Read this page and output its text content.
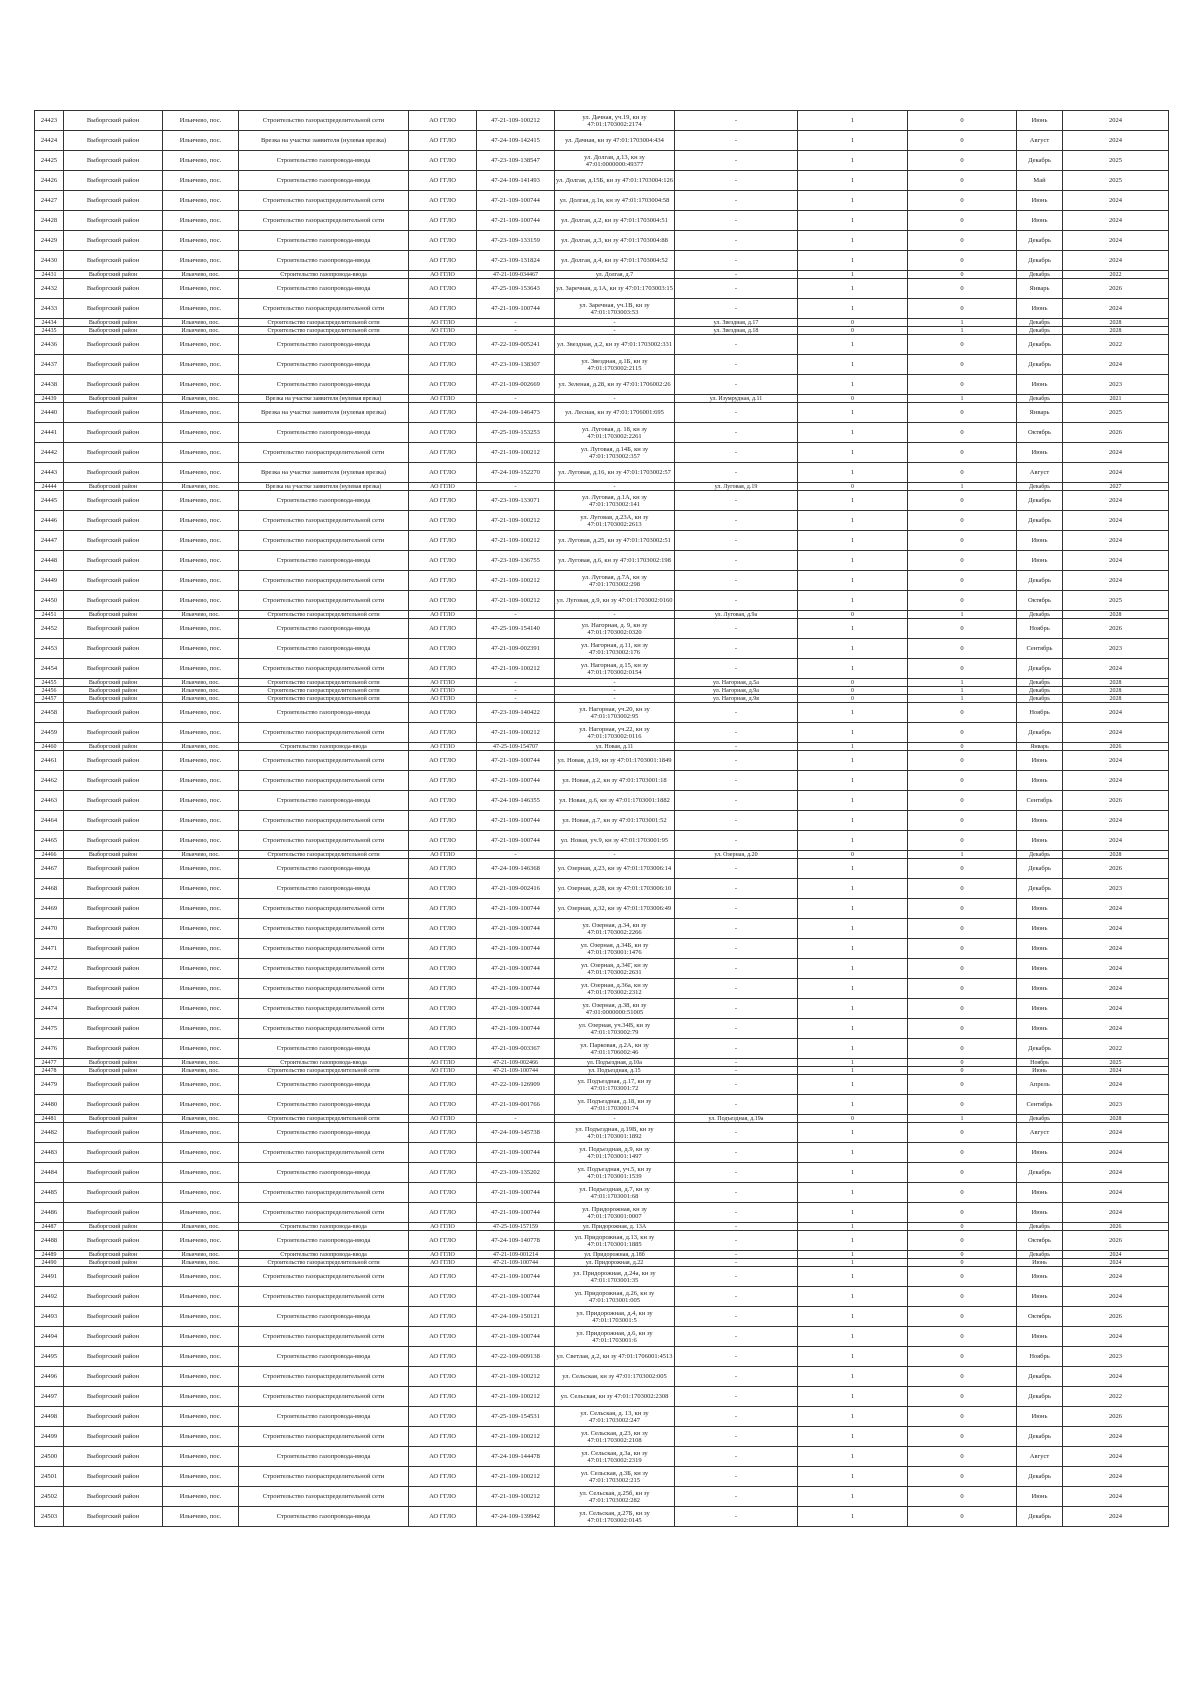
24423	Выборгский район	Ильичево, пос.	Строительство газораспределительной сети	АО ГГЛО	47-21-109-100212	ул. Дачная, уч.19, кн зу 47:01:1703002:2174	-	1	0	Июнь	2024
24424	Выборгский район	Ильичево, пос.	Врезка на участке заявителя (нулевая врезка)	АО ГГЛО	47-24-109-142415	ул. Дачная, кн зу 47:01:1703004:434	-	1	0	Август	2024
24425	Выборгский район	Ильичево, пос.	Строительство газопровода-ввода	АО ГГЛО	47-23-109-138547	ул. Долгая, д.13, кн зу 47:01:0000000:49377	-	1	0	Декабрь	2025
24426	Выборгский район	Ильичево, пос.	Строительство газопровода-ввода	АО ГГЛО	47-24-109-141493	ул. Долгая, д.15Б, кн зу 47:01:1703004:126	-	1	0	Май	2025
24427	Выборгский район	Ильичево, пос.	Строительство газораспределительной сети	АО ГГЛО	47-21-109-100744	ул. Долгая, д.1в, кн зу 47:01:1703004:58	-	1	0	Июнь	2024
24428	Выборгский район	Ильичево, пос.	Строительство газораспределительной сети	АО ГГЛО	47-21-109-100744	ул. Долгая, д.2, кн зу 47:01:1703004:51	-	1	0	Июнь	2024
24429	Выборгский район	Ильичево, пос.	Строительство газопровода-ввода	АО ГГЛО	47-23-109-133159	ул. Долгая, д.3, кн зу 47:01:1703004:88	-	1	0	Декабрь	2024
24430	Выборгский район	Ильичево, пос.	Строительство газопровода-ввода	АО ГГЛО	47-23-109-131824	ул. Долгая, д.4, кн зу 47:01:1703004:52	-	1	0	Декабрь	2024
24431	Выборгский район	Ильичево, пос.	Строительство газопровода-ввода	АО ГГЛО	47-21-109-034467	ул. Долгая, д.7	-	1	0	Декабрь	2022
24432	Выборгский район	Ильичево, пос.	Строительство газопровода-ввода	АО ГГЛО	47-25-109-153643	ул. Заречная, д.1А, кн зу 47:01:1703003:15	-	1	0	Январь	2026
24433	Выборгский район	Ильичево, пос.	Строительство газораспределительной сети	АО ГГЛО	47-21-109-100744	ул. Заречная, уч.1В, кн зу 47:01:1703003:53	-	1	0	Июнь	2024
24434	Выборгский район	Ильичево, пос.	Строительство газораспределительной сети	АО ГГЛО	-	-	ул. Звездная, д.17	0	1	Декабрь	2028
24435	Выборгский район	Ильичево, пос.	Строительство газораспределительной сети	АО ГГЛО	-	-	ул. Звездная, д.18	0	1	Декабрь	2028
24436	Выборгский район	Ильичево, пос.	Строительство газопровода-ввода	АО ГГЛО	47-22-109-005241	ул. Звездная, д.2, кн зу 47:01:1703002:331	-	1	0	Декабрь	2022
24437	Выборгский район	Ильичево, пос.	Строительство газопровода-ввода	АО ГГЛО	47-23-109-138307	ул. Звездная, д.1Б, кн зу 47:01:1703002:2115	-	1	0	Декабрь	2024
24438	Выборгский район	Ильичево, пос.	Строительство газопровода-ввода	АО ГГЛО	47-21-109-002669	ул. Зеленая, д.28, кн зу 47:01:1706002:26	-	1	0	Июнь	2023
24439	Выборгский район	Ильичево, пос.	Врезка на участке заявителя (нулевая врезка)	АО ГГЛО	-	-	ул. Изумрудная, д.11	0	1	Декабрь	2021
24440	Выборгский район	Ильичево, пос.	Врезка на участке заявителя (нулевая врезка)	АО ГГЛО	47-24-109-146473	ул. Лесная, кн зу 47:01:1706001:695	-	1	0	Январь	2025
24441	Выборгский район	Ильичево, пос.	Строительство газопровода-ввода	АО ГГЛО	47-25-109-153253	ул. Луговая, д. 18, кн зу 47:01:1703002:2261	-	1	0	Октябрь	2026
24442	Выборгский район	Ильичево, пос.	Строительство газораспределительной сети	АО ГГЛО	47-21-109-100212	ул. Луговая, д.14Б, кн зу 47:01:1703002:357	-	1	0	Июнь	2024
24443	Выборгский район	Ильичево, пос.	Врезка на участке заявителя (нулевая врезка)	АО ГГЛО	47-24-109-152270	ул. Луговая, д.16, кн зу 47:01:1703002:57	-	1	0	Август	2024
24444	Выборгский район	Ильичево, пос.	Врезка на участке заявителя (нулевая врезка)	АО ГГЛО	-	-	ул. Луговая, д.19	0	1	Декабрь	2027
24445	Выборгский район	Ильичево, пос.	Строительство газопровода-ввода	АО ГГЛО	47-23-109-133071	ул. Луговая, д.1А, кн зу 47:01:1703002:141	-	1	0	Декабрь	2024
24446	Выборгский район	Ильичево, пос.	Строительство газораспределительной сети	АО ГГЛО	47-21-109-100212	ул. Луговая, д.23А, кн зу 47:01:1703002:2613	-	1	0	Декабрь	2024
24447	Выборгский район	Ильичево, пос.	Строительство газораспределительной сети	АО ГГЛО	47-21-109-100212	ул. Луговая, д.25, кн зу 47:01:1703002:51	-	1	0	Июнь	2024
24448	Выборгский район	Ильичево, пос.	Строительство газопровода-ввода	АО ГГЛО	47-23-109-136755	ул. Луговая, д.6, кн зу 47:01:1703002:198	-	1	0	Июнь	2024
24449	Выборгский район	Ильичево, пос.	Строительство газораспределительной сети	АО ГГЛО	47-21-109-100212	ул. Луговая, д.7А, кн зу 47:01:1703002:298	-	1	0	Декабрь	2024
24450	Выборгский район	Ильичево, пос.	Строительство газораспределительной сети	АО ГГЛО	47-21-109-100212	ул. Луговая, д.9, кн зу 47:01:1703002:0160	-	1	0	Октябрь	2025
24451	Выборгский район	Ильичево, пос.	Строительство газораспределительной сети	АО ГГЛО	-	-	ул. Луговая, д.9а	0	1	Декабрь	2028
24452	Выборгский район	Ильичево, пос.	Строительство газопровода-ввода	АО ГГЛО	47-25-109-154140	ул. Нагорная, д. 9, кн зу 47:01:1703002:0320	-	1	0	Ноябрь	2026
24453	Выборгский район	Ильичево, пос.	Строительство газопровода-ввода	АО ГГЛО	47-21-109-002391	ул. Нагорная, д.11, кн зу 47:01:1703002:176	-	1	0	Сентябрь	2023
24454	Выборгский район	Ильичево, пос.	Строительство газораспределительной сети	АО ГГЛО	47-21-109-100212	ул. Нагорная, д.15, кн зу 47:01:1703002:0154	-	1	0	Декабрь	2024
24455	Выборгский район	Ильичево, пос.	Строительство газораспределительной сети	АО ГГЛО	-	-	ул. Нагорная, д.5а	0	1	Декабрь	2028
24456	Выборгский район	Ильичево, пос.	Строительство газораспределительной сети	АО ГГЛО	-	-	ул. Нагорная, д.9а	0	1	Декабрь	2028
24457	Выборгский район	Ильичево, пос.	Строительство газораспределительной сети	АО ГГЛО	-	-	ул. Нагорная, д.9в	0	1	Декабрь	2028
24458	Выборгский район	Ильичево, пос.	Строительство газопровода-ввода	АО ГГЛО	47-23-109-140422	ул. Нагорная, уч.20, кн зу 47:01:1703002:95	-	1	0	Ноябрь	2024
24459	Выборгский район	Ильичево, пос.	Строительство газораспределительной сети	АО ГГЛО	47-21-109-100212	ул. Нагорная, уч.22, кн зу 47:01:1703002:0116	-	1	0	Декабрь	2024
24460	Выборгский район	Ильичево, пос.	Строительство газопровода-ввода	АО ГГЛО	47-25-109-154707	ул. Новая, д.11	-	1	0	Январь	2026
24461	Выборгский район	Ильичево, пос.	Строительство газораспределительной сети	АО ГГЛО	47-21-109-100744	ул. Новая, д.19, кн зу 47:01:1703001:1849	-	1	0	Июнь	2024
24462	Выборгский район	Ильичево, пос.	Строительство газораспределительной сети	АО ГГЛО	47-21-109-100744	ул. Новая, д.2, кн зу 47:01:1703001:18	-	1	0	Июнь	2024
24463	Выборгский район	Ильичево, пос.	Строительство газопровода-ввода	АО ГГЛО	47-24-109-146355	ул. Новая, д.6, кн зу 47:01:1703001:1882	-	1	0	Сентябрь	2026
24464	Выборгский район	Ильичево, пос.	Строительство газораспределительной сети	АО ГГЛО	47-21-109-100744	ул. Новая, д.7, кн зу 47:01:1703001:52	-	1	0	Июнь	2024
24465	Выборгский район	Ильичево, пос.	Строительство газораспределительной сети	АО ГГЛО	47-21-109-100744	ул. Новая, уч.9, кн зу 47:01:1703001:95	-	1	0	Июнь	2024
24466	Выборгский район	Ильичево, пос.	Строительство газораспределительной сети	АО ГГЛО	-	-	ул. Озерная, д.20	0	1	Декабрь	2028
24467	Выборгский район	Ильичево, пос.	Строительство газопровода-ввода	АО ГГЛО	47-24-109-146368	ул. Озерная, д.23, кн зу 47:01:1703006:14	-	1	0	Декабрь	2026
24468	Выборгский район	Ильичево, пос.	Строительство газопровода-ввода	АО ГГЛО	47-21-109-002416	ул. Озерная, д.28, кн зу 47:01:1703006:10	-	1	0	Декабрь	2023
24469	Выборгский район	Ильичево, пос.	Строительство газораспределительной сети	АО ГГЛО	47-21-109-100744	ул. Озерная, д.32, кн зу 47:01:1703006:49	-	1	0	Июнь	2024
24470	Выборгский район	Ильичево, пос.	Строительство газораспределительной сети	АО ГГЛО	47-21-109-100744	ул. Озерная, д.34, кн зу 47:01:1703002:2266	-	1	0	Июнь	2024
24471	Выборгский район	Ильичево, пос.	Строительство газораспределительной сети	АО ГГЛО	47-21-109-100744	ул. Озерная, д.34Б, кн зу 47:01:1703001:1476	-	1	0	Июнь	2024
24472	Выборгский район	Ильичево, пос.	Строительство газораспределительной сети	АО ГГЛО	47-21-109-100744	ул. Озерная, д.34Г, кн зу 47:01:1703002:2631	-	1	0	Июнь	2024
24473	Выборгский район	Ильичево, пос.	Строительство газораспределительной сети	АО ГГЛО	47-21-109-100744	ул. Озерная, д.36а, кн зу 47:01:1703002:2312	-	1	0	Июнь	2024
24474	Выборгский район	Ильичево, пос.	Строительство газораспределительной сети	АО ГГЛО	47-21-109-100744	ул. Озерная, д.38, кн зу 47:01:0000000:51005	-	1	0	Июнь	2024
24475	Выборгский район	Ильичево, пос.	Строительство газораспределительной сети	АО ГГЛО	47-21-109-100744	ул. Озерная, уч.34В, кн зу 47:01:1703002:79	-	1	0	Июнь	2024
24476	Выборгский район	Ильичево, пос.	Строительство газопровода-ввода	АО ГГЛО	47-21-109-003367	ул. Парковая, д.2А, кн зу 47:01:1706002:46	-	1	0	Декабрь	2022
24477	Выборгский район	Ильичево, пос.	Строительство газопровода-ввода	АО ГГЛО	47-21-109-002466	ул. Подъездная, д.10а	-	1	0	Ноябрь	2025
24478	Выборгский район	Ильичево, пос.	Строительство газораспределительной сети	АО ГГЛО	47-21-109-100744	ул. Подъездная, д.15	-	1	0	Июнь	2024
24479	Выборгский район	Ильичево, пос.	Строительство газопровода-ввода	АО ГГЛО	47-22-109-126909	ул. Подъездная, д.17, кн зу 47:01:1703001:72	-	1	0	Апрель	2024
24480	Выборгский район	Ильичево, пос.	Строительство газопровода-ввода	АО ГГЛО	47-21-109-001766	ул. Подъездная, д.18, кн зу 47:01:1703001:74	-	1	0	Сентябрь	2023
24481	Выборгский район	Ильичево, пос.	Строительство газораспределительной сети	АО ГГЛО	-	-	ул. Подъездная, д.19а	0	1	Декабрь	2028
24482	Выборгский район	Ильичево, пос.	Строительство газопровода-ввода	АО ГГЛО	47-24-109-145738	ул. Подъездная, д.19В, кн зу 47:01:1703001:1892	-	1	0	Август	2024
24483	Выборгский район	Ильичево, пос.	Строительство газораспределительной сети	АО ГГЛО	47-21-109-100744	ул. Подъездная, д.9, кн зу 47:01:1703001:1497	-	1	0	Июнь	2024
24484	Выборгский район	Ильичево, пос.	Строительство газопровода-ввода	АО ГГЛО	47-23-109-135202	ул. Подъездная, уч.5, кн зу 47:01:1703001:1539	-	1	0	Декабрь	2024
24485	Выборгский район	Ильичево, пос.	Строительство газораспределительной сети	АО ГГЛО	47-21-109-100744	ул. Подъездная, д.7, кн зу 47:01:1703001:68	-	1	0	Июнь	2024
24486	Выборгский район	Ильичево, пос.	Строительство газораспределительной сети	АО ГГЛО	47-21-109-100744	ул. Придорожная, кн зу 47:01:1703001:0007	-	1	0	Июнь	2024
24487	Выборгский район	Ильичево, пос.	Строительство газопровода-ввода	АО ГГЛО	47-25-109-157159	ул. Придорожная, д. 13А	-	1	0	Декабрь	2026
24488	Выборгский район	Ильичево, пос.	Строительство газопровода-ввода	АО ГГЛО	47-24-109-140778	ул. Придорожная, д.13, кн зу 47:01:1703001:1885	-	1	0	Октябрь	2026
24489	Выборгский район	Ильичево, пос.	Строительство газопровода-ввода	АО ГГЛО	47-21-109-001214	ул. Придорожная, д.18б	-	1	0	Декабрь	2024
24490	Выборгский район	Ильичево, пос.	Строительство газораспределительной сети	АО ГГЛО	47-21-109-100744	ул. Придорожная, д.22	-	1	0	Июнь	2024
24491	Выборгский район	Ильичево, пос.	Строительство газораспределительной сети	АО ГГЛО	47-21-109-100744	ул. Придорожная, д.24а, кн зу 47:01:1703001:35	-	1	0	Июнь	2024
24492	Выборгский район	Ильичево, пос.	Строительство газораспределительной сети	АО ГГЛО	47-21-109-100744	ул. Придорожная, д.26, кн зу 47:01:1703001:005	-	1	0	Июнь	2024
24493	Выборгский район	Ильичево, пос.	Строительство газопровода-ввода	АО ГГЛО	47-24-109-150121	ул. Придорожная, д.4, кн зу 47:01:1703001:5	-	1	0	Октябрь	2026
24494	Выборгский район	Ильичево, пос.	Строительство газораспределительной сети	АО ГГЛО	47-21-109-100744	ул. Придорожная, д.6, кн зу 47:01:1703001:6	-	1	0	Июнь	2024
24495	Выборгский район	Ильичево, пос.	Строительство газопровода-ввода	АО ГГЛО	47-22-109-009138	ул. Светлая, д.2, кн зу 47:01:1706001:4513	-	1	0	Ноябрь	2023
24496	Выборгский район	Ильичево, пос.	Строительство газораспределительной сети	АО ГГЛО	47-21-109-100212	ул. Сельская, кн зу 47:01:1703002:005	-	1	0	Декабрь	2024
24497	Выборгский район	Ильичево, пос.	Строительство газораспределительной сети	АО ГГЛО	47-21-109-100212	ул. Сельская, кн зу 47:01:1703002:2308	-	1	0	Декабрь	2022
24498	Выборгский район	Ильичево, пос.	Строительство газопровода-ввода	АО ГГЛО	47-25-109-154531	ул. Сельская, д. 13, кн зу 47:01:1703002:247	-	1	0	Июнь	2026
24499	Выборгский район	Ильичево, пос.	Строительство газораспределительной сети	АО ГГЛО	47-21-109-100212	ул. Сельская, д.23, кн зу 47:01:1703002:2108	-	1	0	Декабрь	2024
24500	Выборгский район	Ильичево, пос.	Строительство газопровода-ввода	АО ГГЛО	47-24-109-144478	ул. Сельская, д.3а, кн зу 47:01:1703002:2319	-	1	0	Август	2024
24501	Выборгский район	Ильичево, пос.	Строительство газораспределительной сети	АО ГГЛО	47-21-109-100212	ул. Сельская, д.3Б, кн зу 47:01:1703002:215	-	1	0	Декабрь	2024
24502	Выборгский район	Ильичево, пос.	Строительство газораспределительной сети	АО ГГЛО	47-21-109-100212	ул. Сельская, д.25б, кн зу 47:01:1703002:282	-	1	0	Июнь	2024
24503	Выборгский район	Ильичево, пос.	Строительство газопровода-ввода	АО ГГЛО	47-24-109-139942	ул. Сельская, д.27Б, кн зу 47:01:1703002:0145	-	1	0	Декабрь	2024
